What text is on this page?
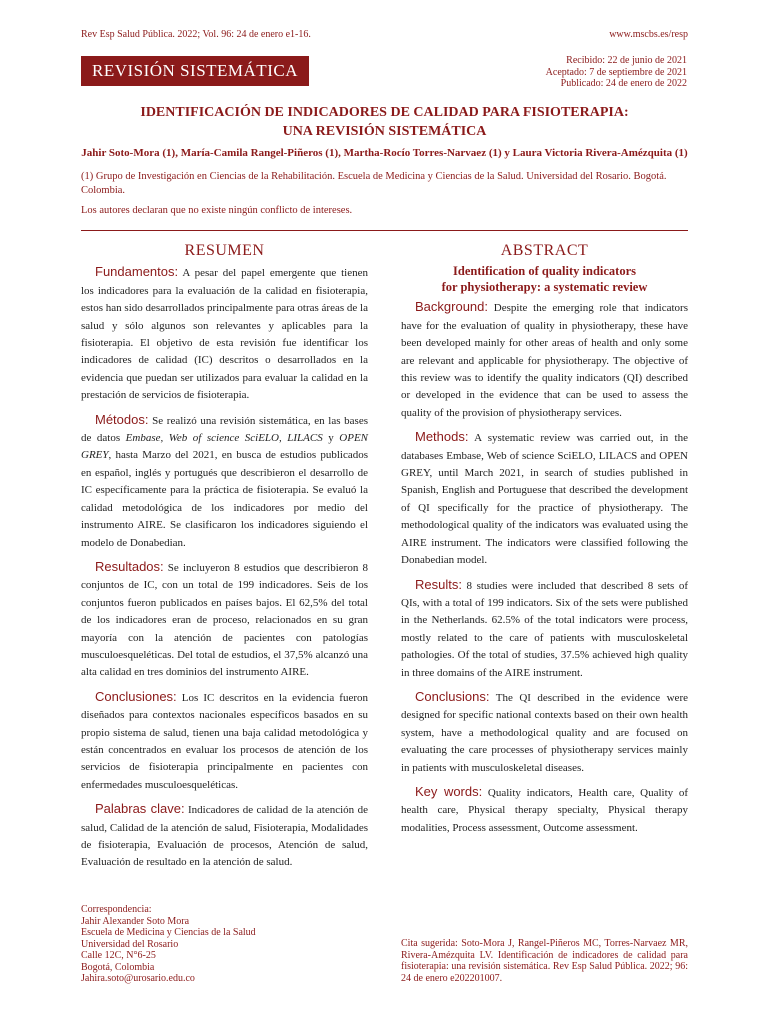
Rev Esp Salud Pública. 2022; Vol. 96: 24 de enero e1-16.	www.mscbs.es/resp
REVISIÓN SISTEMÁTICA
Recibido: 22 de junio de 2021
Aceptado: 7 de septiembre de 2021
Publicado: 24 de enero de 2022
IDENTIFICACIÓN DE INDICADORES DE CALIDAD PARA FISIOTERAPIA:
UNA REVISIÓN SISTEMÁTICA
Jahir Soto-Mora (1), María-Camila Rangel-Piñeros (1), Martha-Rocío Torres-Narvaez (1) y Laura Victoria Rivera-Amézquita (1)
(1) Grupo de Investigación en Ciencias de la Rehabilitación. Escuela de Medicina y Ciencias de la Salud. Universidad del Rosario. Bogotá. Colombia.
Los autores declaran que no existe ningún conflicto de intereses.
RESUMEN

Fundamentos: A pesar del papel emergente que tienen los indicadores para la evaluación de la calidad en fisioterapia, estos han sido desarrollados principalmente para otras áreas de la salud y sólo algunos son relevantes y aplicables para la fisioterapia. El objetivo de esta revisión fue identificar los indicadores de calidad (IC) descritos o desarrollados en la evidencia que puedan ser utilizados para evaluar la calidad en la prestación de servicios de fisioterapia.

Métodos: Se realizó una revisión sistemática, en las bases de datos Embase, Web of science SciELO, LILACS y OPEN GREY, hasta Marzo del 2021, en busca de estudios publicados en español, inglés y portugués que describieron el desarrollo de IC específicamente para la práctica de fisioterapia. Se evaluó la calidad metodológica de los indicadores por medio del instrumento AIRE. Se clasificaron los indicadores siguiendo el modelo de Donabedian.

Resultados: Se incluyeron 8 estudios que describieron 8 conjuntos de IC, con un total de 199 indicadores. Seis de los conjuntos fueron publicados en países bajos. El 62,5% del total de los indicadores eran de proceso, relacionados en su gran mayoría con la atención de pacientes con patologías musculoesqueléticas. Del total de estudios, el 37,5% alcanzó una alta calidad en tres dominios del instrumento AIRE.

Conclusiones: Los IC descritos en la evidencia fueron diseñados para contextos nacionales específicos basados en su propio sistema de salud, tienen una baja calidad metodológica y están concentrados en evaluar los procesos de atención de los servicios de fisioterapia principalmente en pacientes con enfermedades musculoesqueléticas.

Palabras clave: Indicadores de calidad de la atención de salud, Calidad de la atención de salud, Fisioterapia, Modalidades de fisioterapia, Evaluación de procesos, Atención de salud, Evaluación de resultado en la atención de salud.

ABSTRACT
Identification of quality indicators
for physiotherapy: a systematic review

Background: Despite the emerging role that indicators have for the evaluation of quality in physiotherapy, these have been developed mainly for other areas of health and only some are relevant and applicable for physiotherapy. The objective of this review was to identify the quality indicators (QI) described or developed in the evidence that can be used to assess the quality of the provision of physiotherapy services.

Methods: A systematic review was carried out, in the databases Embase, Web of science SciELO, LILACS and OPEN GREY, until March 2021, in search of studies published in Spanish, English and Portuguese that described the development of QI specifically for the practice of physiotherapy. The methodological quality of the indicators was evaluated using the AIRE instrument. The indicators were classified following the Donabedian model.

Results: 8 studies were included that described 8 sets of QIs, with a total of 199 indicators. Six of the sets were published in the Netherlands. 62.5% of the total indicators were process, mostly related to the care of patients with musculoskeletal pathologies. Of the total of studies, 37.5% achieved high quality in three domains of the AIRE instrument.

Conclusions: The QI described in the evidence were designed for specific national contexts based on their own health system, have a methodological quality and are focused on evaluating the care processes of physiotherapy services mainly in patients with musculoskeletal diseases.

Key words: Quality indicators, Health care, Quality of health care, Physical therapy specialty, Physical therapy modalities, Process assessment, Outcome assessment.

Correspondencia:
Jahir Alexander Soto Mora
Escuela de Medicina y Ciencias de la Salud
Universidad del Rosario
Calle 12C, N°6-25
Bogotá, Colombia
Jahira.soto@urosario.edu.co
Cita sugerida: Soto-Mora J, Rangel-Piñeros MC, Torres-Narvaez MR, Rivera-Amézquita LV. Identificación de indicadores de calidad para fisioterapia: una revisión sistemática. Rev Esp Salud Pública. 2022; 96: 24 de enero e202201007.
